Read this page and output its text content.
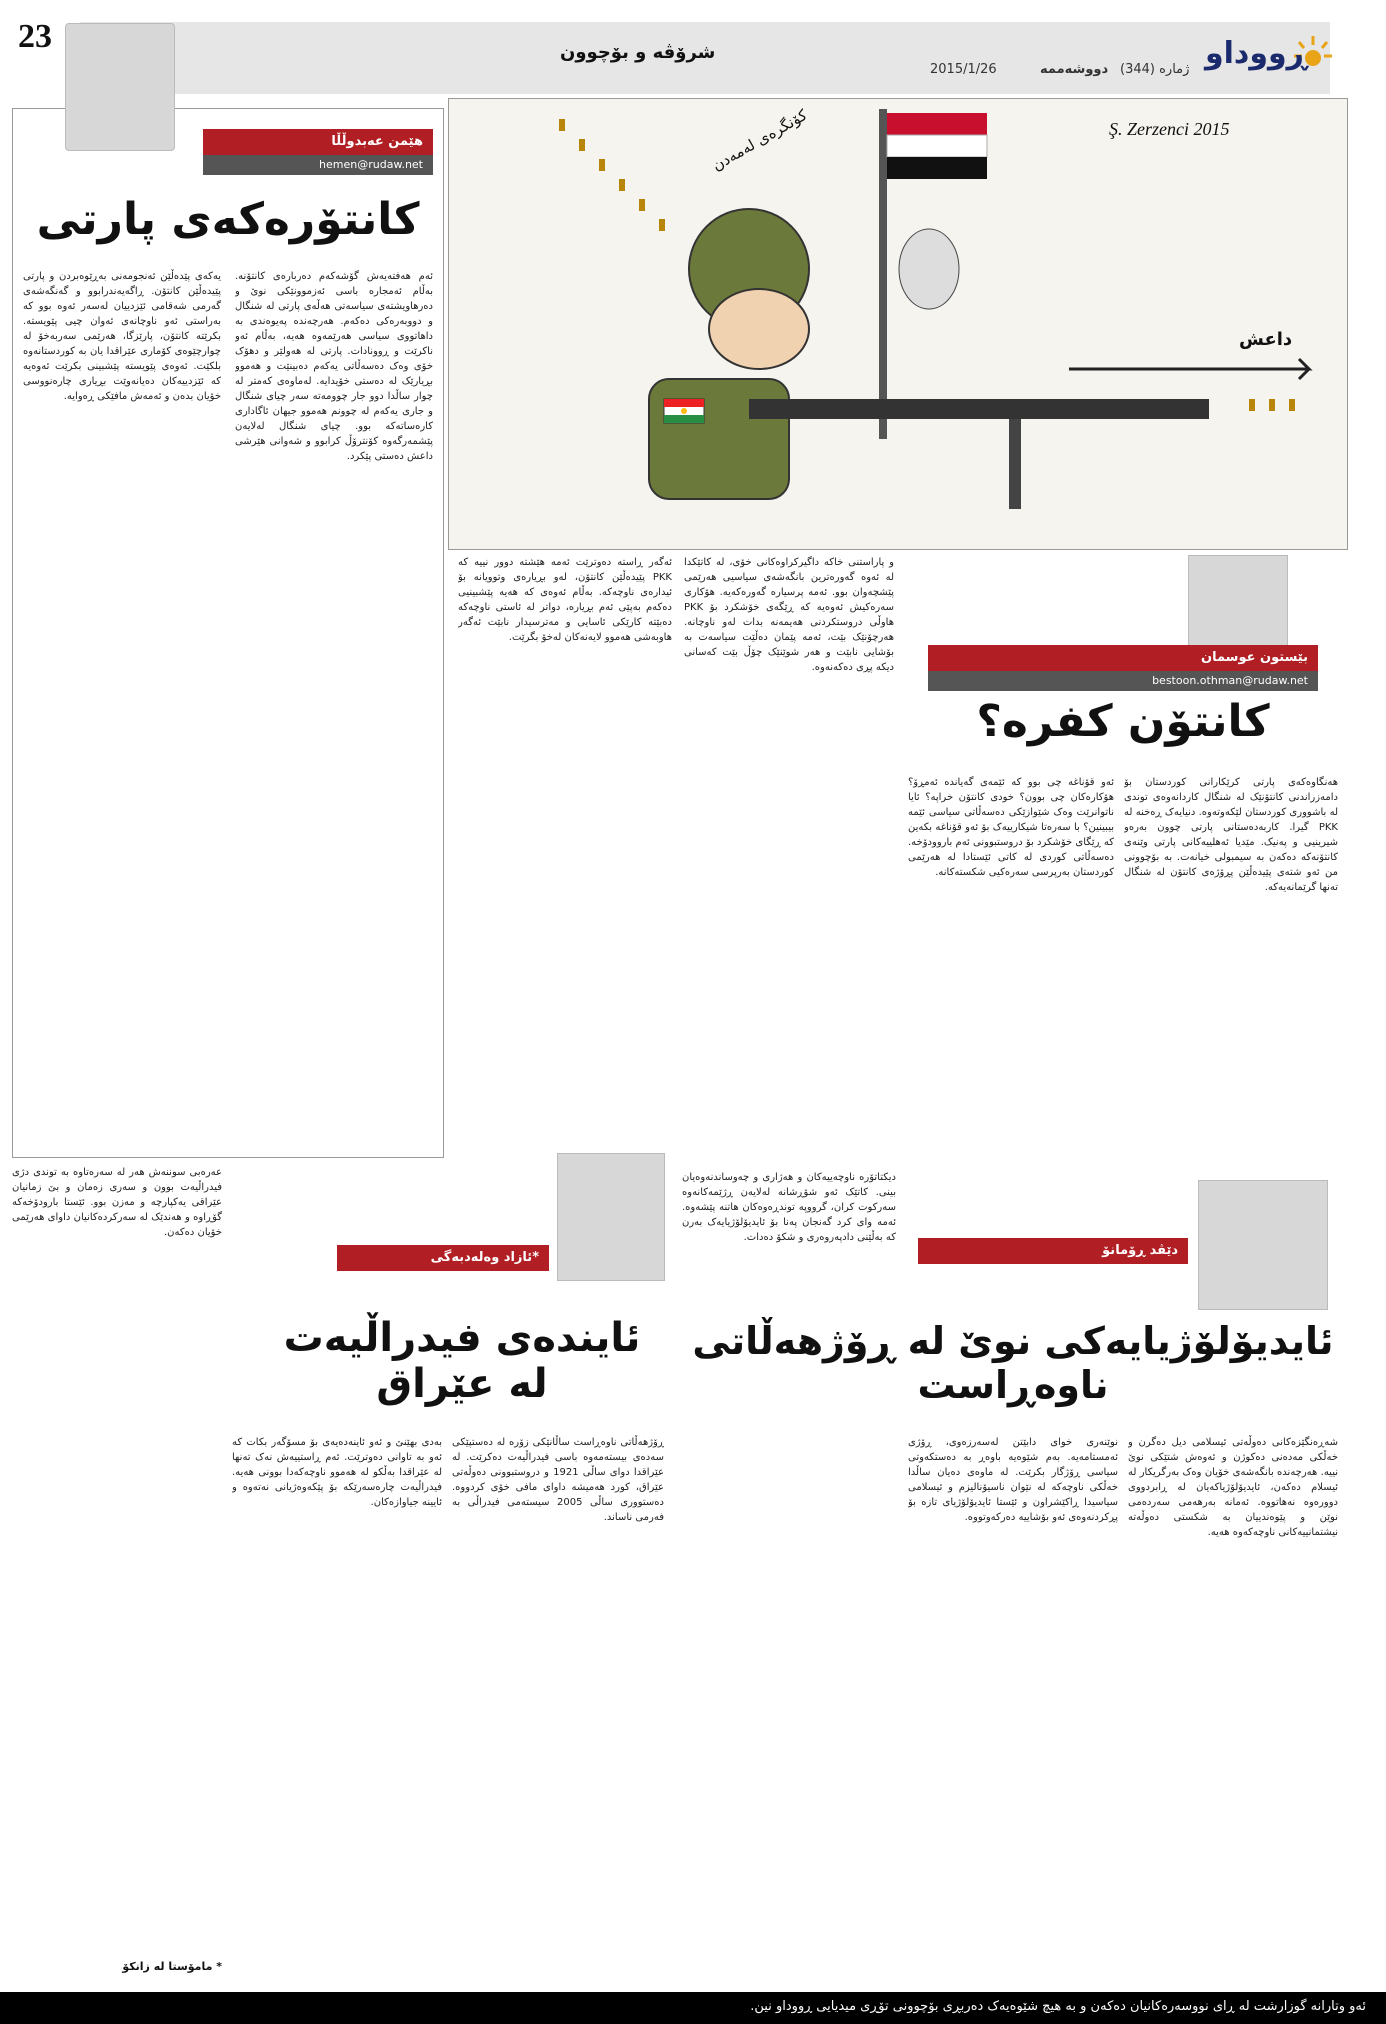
23	شرۆڤە و بۆچوون
2015/1/26	دووشەممە ژمارە (344) ڕووداو
Ş. Zerzenci 2015
داعش
کۆنگرەی لەمەدن
هێمن عەبدوڵڵا
hemen@rudaw.net
کانتۆرەکەی پارتی
یەکەی پێدەڵێن ئەنجومەنی بەڕێوەبردن و پارتی پێیدەڵێن کانتۆن. ڕاگەیەندرابوو و گەنگەشەی گەرمی شەقامی ئێزدییان لەسەر ئەوە بوو کە بەراستی ئەو ناوچانەی ئەوان چیی پێویستە. بکرێتە کانتۆن، پارێزگا، هەرێمی سەربەخۆ لە چوارچێوەی کۆماری عێراقدا یان بە کوردستانەوە بلکێت. ئەوەی پێویستە پێشبینی بکرێت ئەوەیە کە ئێزدییەکان دەیانەوێت بڕیاری چارەنووسی خۆیان بدەن و ئەمەش مافێکی ڕەوایە.
ئەم هەفتەیەش گۆشەکەم دەربارەی کانتۆنە. بەڵام ئەمجارە باسی ئەزموونێکی نوێ و دەرهاویشتەی سیاسەتی هەڵەی پارتی لە شنگال و دووبەرەکی دەکەم. هەرچەندە پەیوەندی بە داهاتووی سیاسی هەرێمەوە هەیە، بەڵام ئەو ناکرێت و ڕوونادات. پارتی لە هەولێر و دهۆک خۆی وەک دەسەڵاتی یەکەم دەبینێت و هەموو بڕیارێک لە دەستی خۆیدایە. لەماوەی کەمتر لە چوار ساڵدا دوو جار چوومەتە سەر چیای شنگال و جاری یەکەم لە چوونم هەموو جیهان ئاگاداری کارەساتەکە بوو. چیای شنگال لەلایەن پێشمەرگەوە کۆنترۆڵ کرابوو و شەوانی هێرشی داعش دەستی پێکرد.
بێستون عوسمان
bestoon.othman@rudaw.net
کانتۆن کفرە؟
هەنگاوەکەی پارتی کرێکارانی کوردستان بۆ دامەزراندنی کانتۆنێک لە شنگال کاردانەوەی توندی لە باشووری کوردستان لێکەوتەوە. دنیایەک ڕەخنە لە PKK گیرا. کاربەدەستانی پارتی چوون بەرەو شیرینیی و پەنیک. مێدیا ئەهلییەکانی پارتی وێنەی کانتۆنەکە دەکەن بە سیمبولی خیانەت. بە بۆچوونی من ئەو شتەی پێیدەڵێن پڕۆژەی کانتۆن لە شنگال تەنها گرێمانەیەکە.
ئەو قۆناغە چی بوو کە ئێمەی گەیاندە ئەمڕۆ؟ هۆکارەکان چی بوون؟ خودی کانتۆن خراپە؟ ئایا ناتوانرێت وەک شێوازێکی دەسەڵاتی سیاسی ئێمە بیبینین؟ با سەرەتا شیکارییەک بۆ ئەو قۆناغە بکەین کە ڕێگای خۆشکرد بۆ دروستبوونی ئەم باروودۆخە. دەسەڵاتی کوردی لە کاتی ئێستادا لە هەرێمی کوردستان بەرپرسی سەرەکیی شکستەکانە.
و پاراستنی خاکە داگیرکراوەکانی خۆی، لە کاتێکدا لە ئەوە گەورەترین بانگەشەی سیاسیی هەرێمی پێشچەوان بوو. ئەمە پرسیارە گەورەکەیە. هۆکاری سەرەکیش ئەوەیە کە ڕێگەی خۆشکرد بۆ PKK هاوڵی دروستکردنی هەیمەنە بدات لەو ناوچانە. هەرچۆنێک بێت، ئەمە پێمان دەڵێت سیاسەت بە بۆشایی نابێت و هەر شوێنێک چۆڵ بێت کەسانی دیکە پڕی دەکەنەوە.
ئەگەر ڕاستە دەوترێت ئەمە هێشتە دوور نییە کە PKK پێیدەڵێن کانتۆن، لەو بڕیارەی وتوویانە بۆ ئیدارەی ناوچەکە. بەڵام ئەوەی کە هەیە پێشبینیی دەکەم بەپێی ئەم بڕیارە، دواتر لە ئاستی ناوچەکە دەبێتە کارێکی ئاسایی و مەترسیدار نابێت ئەگەر هاوبەشی هەموو لایەنەکان لەخۆ بگرێت.
دێڤد ڕۆمانۆ
ئایدیۆلۆژیایەکی نوێ لە ڕۆژهەڵاتی ناوەڕاست
شەڕەنگێزەکانی دەوڵەتی ئیسلامی دیل دەگرن و خەڵکی مەدەنی دەکوژن و ئەوەش شتێکی نوێ نییە. هەرچەندە بانگەشەی خۆیان وەک بەرگریکار لە ئیسلام دەکەن، ئایدیۆلۆژیاکەیان لە ڕابردووی دوورەوە نەهاتووە. ئەمانە بەرهەمی سەردەمی نوێن و پێوەندییان بە شکستی دەوڵەتە نیشتمانییەکانی ناوچەکەوە هەیە.
نوێنەری خوای دابێتن لەسەرزەوی، ڕۆژی ئەمستامەیە. بەم شێوەیە باوەڕ بە دەستکەوتی سیاسی ڕۆژگار بکرێت. لە ماوەی دەیان ساڵدا خەڵکی ناوچەکە لە نێوان ناسیۆنالیزم و ئیسلامی سیاسیدا ڕاکێشراون و ئێستا ئایدیۆلۆژیای تازە بۆ پڕکردنەوەی ئەو بۆشاییە دەرکەوتووە.
دیکتاتۆرە ناوچەییەکان و هەژاری و چەوساندنەوەیان بینی. کاتێک ئەو شۆڕشانە لەلایەن ڕژێمەکانەوە سەرکوت کران، گرووپە توندڕەوەکان هاتنە پێشەوە. ئەمە وای کرد گەنجان پەنا بۆ ئایدیۆلۆژیایەک بەرن کە بەڵێنی دادپەروەری و شکۆ دەدات.
ئازاد وەلەدبەگی*
ئایندەی فیدراڵیەت لە عێراق
ڕۆژهەڵاتی ناوەڕاست ساڵانێکی زۆرە لە دەستپێکی سەدەی بیستەمەوە باسی فیدراڵیەت دەکرێت. لە عێراقدا دوای ساڵی 1921 و دروستبوونی دەوڵەتی عێراق، کورد هەمیشە داوای مافی خۆی کردووە. دەستووری ساڵی 2005 سیستەمی فیدراڵی بە فەرمی ناساند.
بەدی بهێنێ و ئەو ئاینەدەیەی بۆ مسۆگەر بکات کە ئەو بە تاوانی دەوترێت. ئەم ڕاستییەش نەک تەنها لە عێراقدا بەڵکو لە هەموو ناوچەکەدا بوونی هەیە. فیدراڵیەت چارەسەرێکە بۆ پێکەوەژیانی نەتەوە و ئایینە جیاوازەکان.
عەرەبی سوننەش هەر لە سەرەتاوە بە توندی دژی فیدراڵیەت بوون و سەری زەمان و بێ زمانیان عێراقی یەکپارچە و مەزن بوو. ئێستا بارودۆخەکە گۆڕاوە و هەندێک لە سەرکردەکانیان داوای هەرێمی خۆیان دەکەن.
* مامۆستا لە زانکۆ
ئەو وتارانە گوزارشت لە ڕای نووسەرەکانیان دەکەن و بە هیچ شێوەیەک دەربڕی بۆچوونی تۆڕی میدیایی ڕووداو نین.
